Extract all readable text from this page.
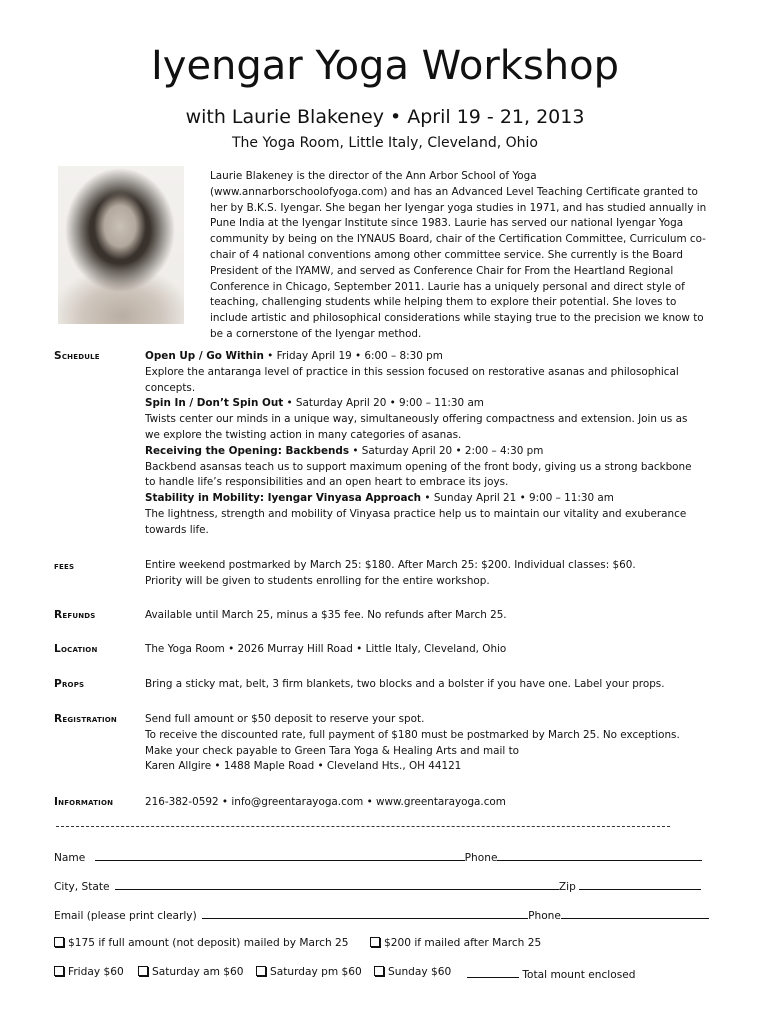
Iyengar Yoga Workshop
with Laurie Blakeney • April 19 - 21, 2013
The Yoga Room, Little Italy, Cleveland, Ohio

Laurie Blakeney is the director of the Ann Arbor School of Yoga (www.annarborschoolofyoga.com) and has an Advanced Level Teaching Certificate granted to her by B.K.S. Iyengar. She began her Iyengar yoga studies in 1971, and has studied annually in Pune India at the Iyengar Institute since 1983. Laurie has served our national Iyengar Yoga community by being on the IYNAUS Board, chair of the Certification Committee, Curriculum co-chair of 4 national conventions among other committee service. She currently is the Board President of the IYAMW, and served as Conference Chair for From the Heartland Regional Conference in Chicago, September 2011. Laurie has a uniquely personal and direct style of teaching, challenging students while helping them to explore their potential. She loves to include artistic and philosophical considerations while staying true to the precision we know to be a cornerstone of the Iyengar method.

Schedule	Open Up / Go Within • Friday April 19 • 6:00 – 8:30 pm

Explore the antaranga level of practice in this session focused on restorative asanas and philosophical concepts.

Spin In / Don’t Spin Out • Saturday April 20 • 9:00 – 11:30 am

Twists center our minds in a unique way, simultaneously offering compactness and extension. Join us as we explore the twisting action in many categories of asanas.

Receiving the Opening: Backbends • Saturday April 20 • 2:00 – 4:30 pm

Backbend asansas teach us to support maximum opening of the front body, giving us a strong backbone to handle life’s responsibilities and an open heart to embrace its joys.

Stability in Mobility: Iyengar Vinyasa Approach • Sunday April 21 • 9:00 – 11:30 am

The lightness, strength and mobility of Vinyasa practice help us to maintain our vitality and exuberance towards life.

fees	Entire weekend postmarked by March 25: $180. After March 25: $200. Individual classes: $60.

Priority will be given to students enrolling for the entire workshop.

Refunds	Available until March 25, minus a $35 fee. No refunds after March 25.
Location	The Yoga Room • 2026 Murray Hill Road • Little Italy, Cleveland, Ohio
Props	Bring a sticky mat, belt, 3 firm blankets, two blocks and a bolster if you have one. Label your props.
Registration	Send full amount or $50 deposit to reserve your spot.

To receive the discounted rate, full payment of $180 must be postmarked by March 25. No exceptions.

Make your check payable to Green Tara Yoga & Healing Arts and mail to

Karen Allgire • 1488 Maple Road • Cleveland Hts., OH 44121

Information	216-382-0592 • info@greentarayoga.com • www.greentarayoga.com
Name	Phone
City, State	Zip
Email (please print clearly)	Phone
$175 if full amount (not deposit) mailed by March 25	$200 if mailed after March 25
Friday $60	Saturday am $60	Saturday pm $60	Sunday $60	Total mount enclosed
